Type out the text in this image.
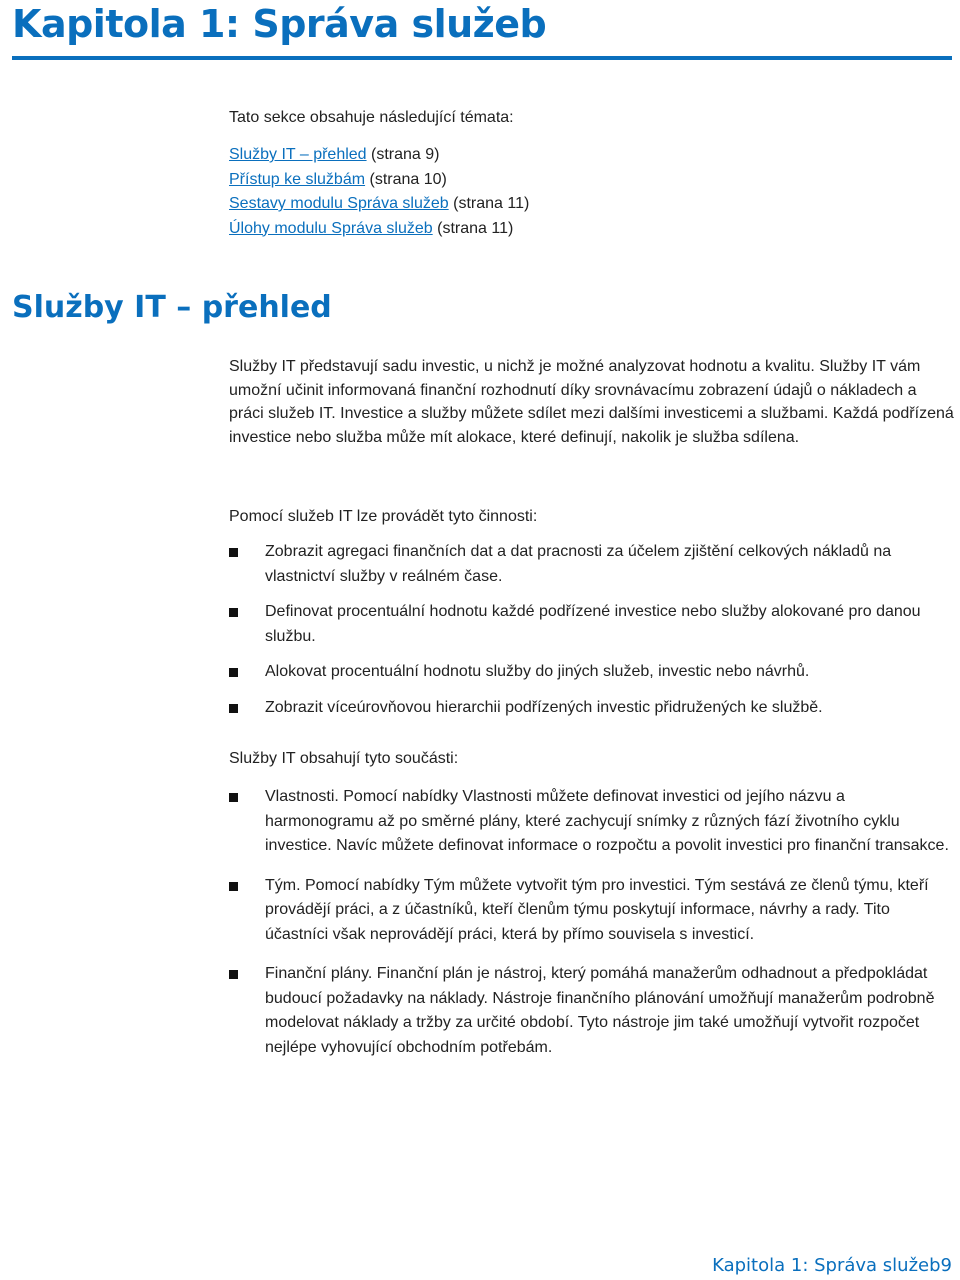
Kapitola 1: Správa služeb
Tato sekce obsahuje následující témata:
Služby IT – přehled (strana 9)
Přístup ke službám (strana 10)
Sestavy modulu Správa služeb (strana 11)
Úlohy modulu Správa služeb (strana 11)
Služby IT – přehled
Služby IT představují sadu investic, u nichž je možné analyzovat hodnotu a kvalitu. Služby IT vám umožní učinit informovaná finanční rozhodnutí díky srovnávacímu zobrazení údajů o nákladech a práci služeb IT. Investice a služby můžete sdílet mezi dalšími investicemi a službami. Každá podřízená investice nebo služba může mít alokace, které definují, nakolik je služba sdílena.
Pomocí služeb IT lze provádět tyto činnosti:
Zobrazit agregaci finančních dat a dat pracnosti za účelem zjištění celkových nákladů na vlastnictví služby v reálném čase.
Definovat procentuální hodnotu každé podřízené investice nebo služby alokované pro danou službu.
Alokovat procentuální hodnotu služby do jiných služeb, investic nebo návrhů.
Zobrazit víceúrovňovou hierarchii podřízených investic přidružených ke službě.
Služby IT obsahují tyto součásti:
Vlastnosti. Pomocí nabídky Vlastnosti můžete definovat investici od jejího názvu a harmonogramu až po směrné plány, které zachycují snímky z různých fází životního cyklu investice. Navíc můžete definovat informace o rozpočtu a povolit investici pro finanční transakce.
Tým. Pomocí nabídky Tým můžete vytvořit tým pro investici. Tým sestává ze členů týmu, kteří provádějí práci, a z účastníků, kteří členům týmu poskytují informace, návrhy a rady. Tito účastníci však neprovádějí práci, která by přímo souvisela s investicí.
Finanční plány. Finanční plán je nástroj, který pomáhá manažerům odhadnout a předpokládat budoucí požadavky na náklady. Nástroje finančního plánování umožňují manažerům podrobně modelovat náklady a tržby za určité období. Tyto nástroje jim také umožňují vytvořit rozpočet nejlépe vyhovující obchodním potřebám.
Kapitola 1: Správa služeb9
